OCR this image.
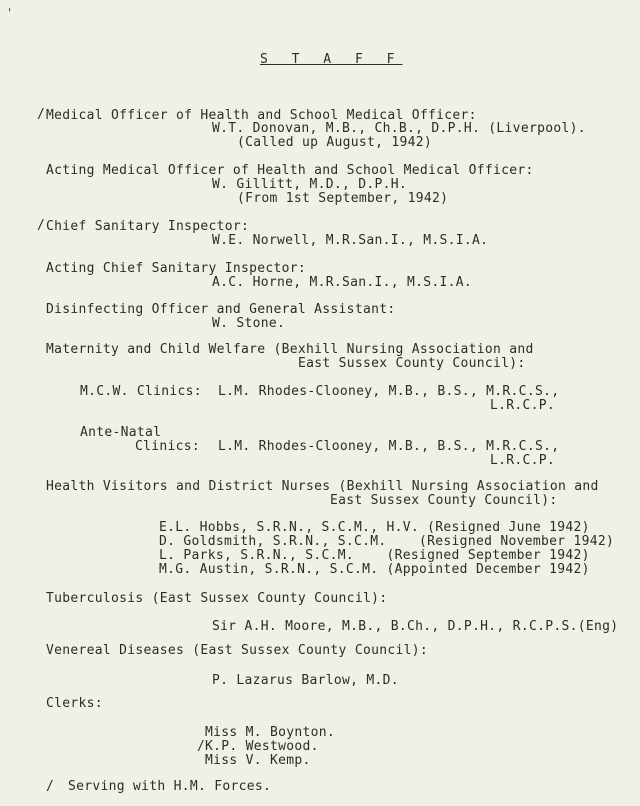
'

S T A F F

/ Medical Officer of Health and School Medical Officer:

W.T. Donovan, M.B., Ch.B., D.P.H. (Liverpool).

(Called up August, 1942)

Acting Medical Officer of Health and School Medical Officer:

W. Gillitt, M.D., D.P.H.

(From 1st September, 1942)

/ Chief Sanitary Inspector:

W.E. Norwell, M.R.San.I., M.S.I.A.

Acting Chief Sanitary Inspector:

A.C. Horne, M.R.San.I., M.S.I.A.

Disinfecting Officer and General Assistant:

W. Stone.

Maternity and Child Welfare (Bexhill Nursing Association and

East Sussex County Council):

M.C.W. Clinics: L.M. Rhodes-Clooney, M.B., B.S., M.R.C.S.,

L.R.C.P.

Ante-Natal

Clinics: L.M. Rhodes-Clooney, M.B., B.S., M.R.C.S.,

L.R.C.P.

Health Visitors and District Nurses (Bexhill Nursing Association and

East Sussex County Council):

E.L. Hobbs, S.R.N., S.C.M., H.V. (Resigned June 1942)

D. Goldsmith, S.R.N., S.C.M.    (Resigned November 1942)

L. Parks, S.R.N., S.C.M.    (Resigned September 1942)

M.G. Austin, S.R.N., S.C.M. (Appointed December 1942)

Tuberculosis (East Sussex County Council):

Sir A.H. Moore, M.B., B.Ch., D.P.H., R.C.P.S.(Eng)

Venereal Diseases (East Sussex County Council):

P. Lazarus Barlow, M.D.

Clerks:

Miss M. Boynton.

/ K.P. Westwood.

Miss V. Kemp.

/ Serving with H.M. Forces.
